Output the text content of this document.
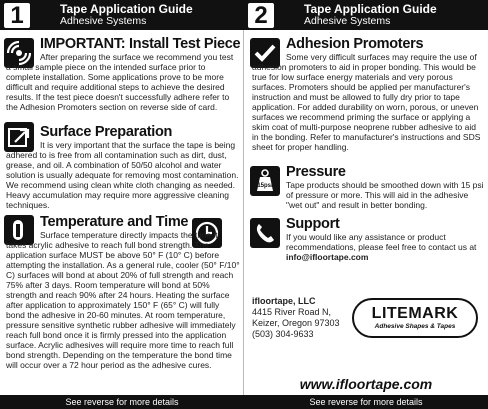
1	Tape Application Guide
Adhesive Systems
IMPORTANT: Install Test Piece
After preparing the surface we recommend you test a small sample piece on the intended surface prior to complete installation. Some applications prove to be more difficult and require additional steps to achieve the desired results. If the test piece doesn't successfully adhere refer to the Adhesion Promoters section on reverse side of card.
Surface Preparation
It is very important that the surface the tape is being adhered to is free from all contamination such as dirt, dust, grease, and oil. A combination of 50/50 alcohol and water solution is usually adequate for removing most contamination. We recommend using clean white cloth changing as needed. Heavy accumulation may require more aggressive cleaning techniques.
Temperature and Time
Surface temperature directly impacts the time it takes acrylic adhesive to reach full bond strength. The application surface MUST be above 50° F (10° C) before attempting the installation. As a general rule, cooler (50° F/10° C) surfaces will bond at about 20% of full strength and reach 75% after 3 days. Room temperature will bond at 50% strength and reach 90% after 24 hours. Heating the surface after application to approximately 150° F (65° C) will fully bond the adhesive in 20-60 minutes. At room temperature, pressure sensitive synthetic rubber adhesive will immediately reach full bond once it is firmly pressed into the application surface. Acrylic adhesives will require more time to reach full bond strength. Depending on the temperature the bond time will occur over a 72 hour period as the adhesive cures.
See reverse for more details
2	Tape Application Guide
Adhesive Systems
Adhesion Promoters
Some very difficult surfaces may require the use of adhesion promoters to aid in proper bonding. This would be true for low surface energy materials and very porous surfaces. Promoters should be applied per manufacturer's instruction and must be allowed to fully dry prior to tape application. For added durability on worn, porous, or uneven surfaces we recommend priming the surface or applying a skim coat of multi-purpose neoprene rubber adhesive to aid in the bonding. Refer to manufacturer's instructions and SDS sheet for proper handling.
15psi
Pressure
Tape products should be smoothed down with 15 psi of pressure or more. This will aid in the adhesive "wet out" and result in better bonding.
Support
If you would like any assistance or product recommendations, please feel free to contact us at info@ifloortape.com
ifloortape, LLC
4415 River Road N,
Keizer, Oregon 97303
(503) 304-9633
LITEMARK
Adhesive Shapes & Tapes
www.ifloortape.com
See reverse for more details
